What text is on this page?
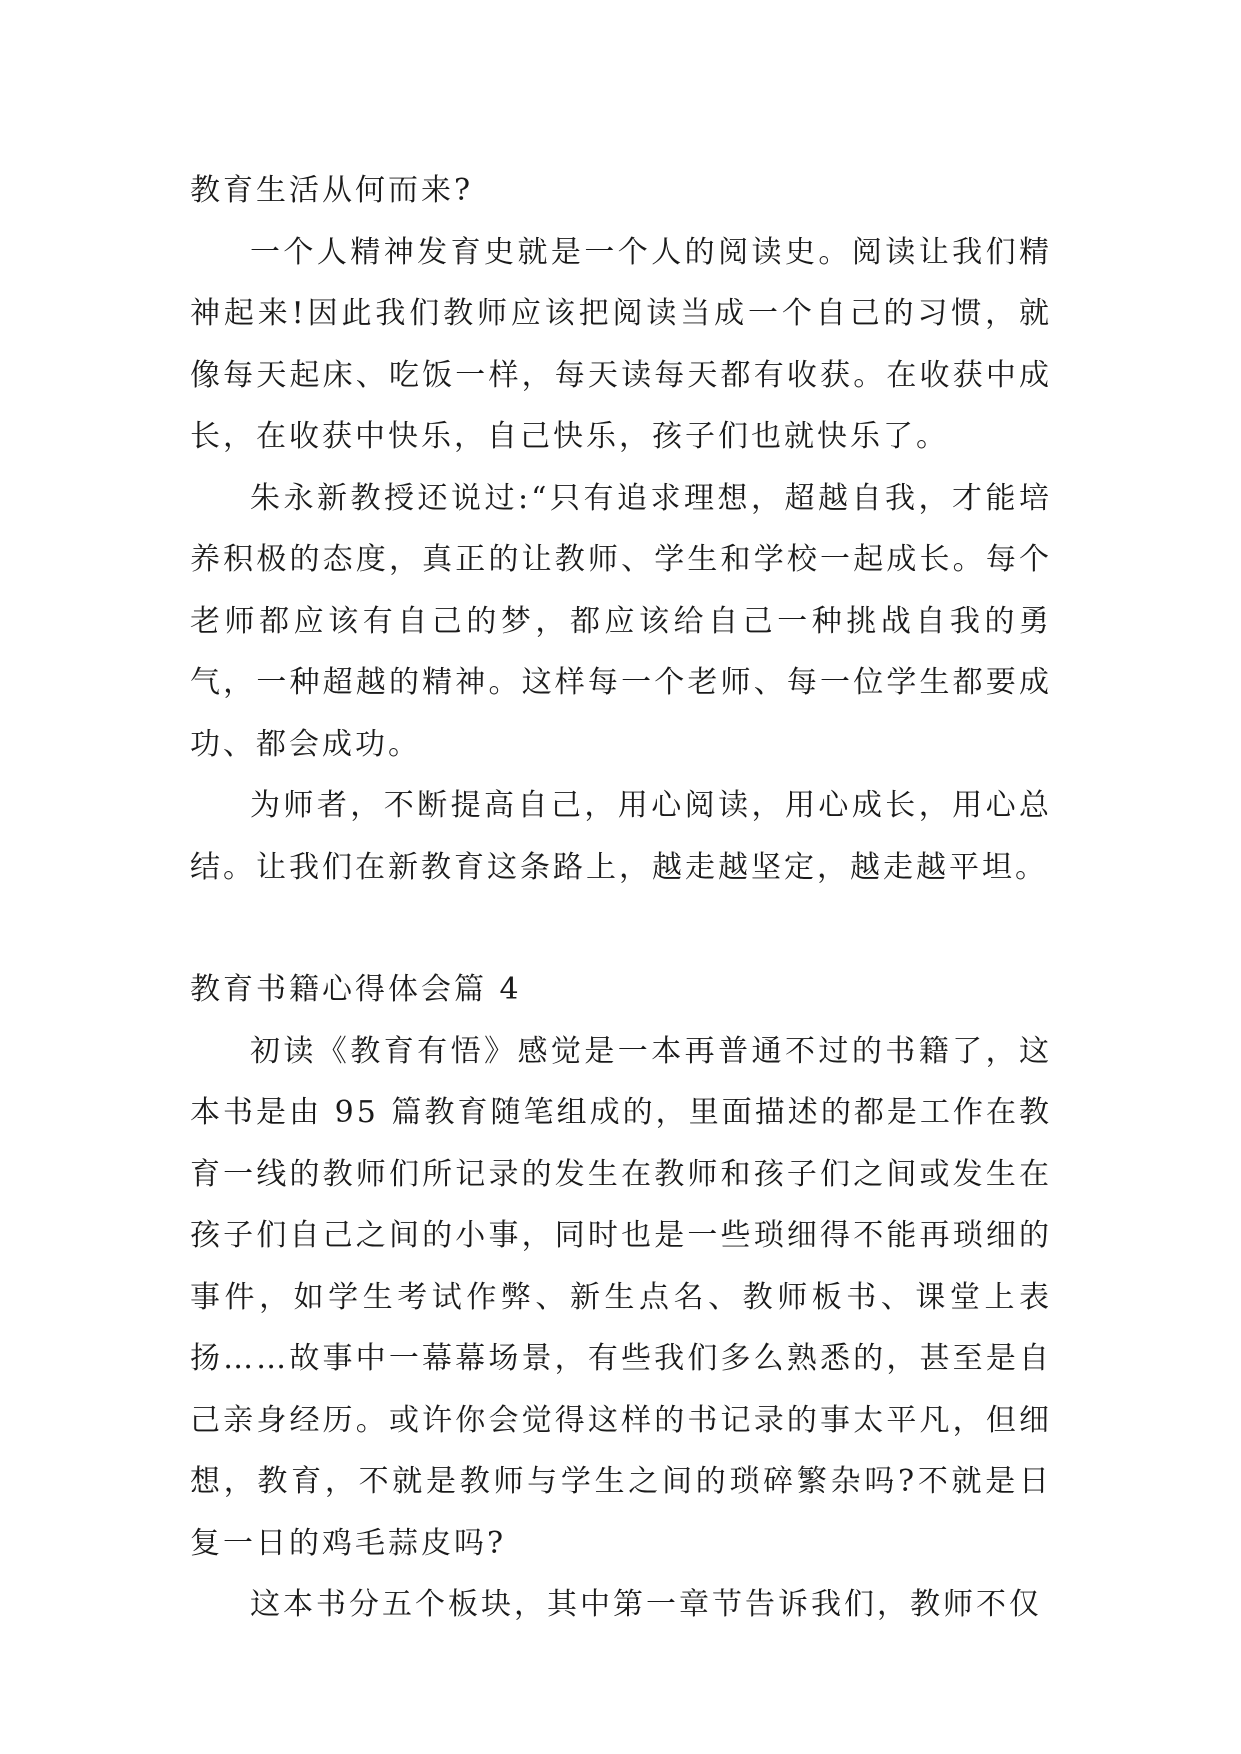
教育生活从何而来?

一个人精神发育史就是一个人的阅读史。阅读让我们精神起来!因此我们教师应该把阅读当成一个自己的习惯，就像每天起床、吃饭一样，每天读每天都有收获。在收获中成长，在收获中快乐，自己快乐，孩子们也就快乐了。

朱永新教授还说过:“只有追求理想，超越自我，才能培养积极的态度，真正的让教师、学生和学校一起成长。每个老师都应该有自己的梦，都应该给自己一种挑战自我的勇气，一种超越的精神。这样每一个老师、每一位学生都要成功、都会成功。

为师者，不断提高自己，用心阅读，用心成长，用心总结。让我们在新教育这条路上，越走越坚定，越走越平坦。

教育书籍心得体会篇 4

初读《教育有悟》感觉是一本再普通不过的书籍了，这本书是由 95 篇教育随笔组成的，里面描述的都是工作在教育一线的教师们所记录的发生在教师和孩子们之间或发生在孩子们自己之间的小事，同时也是一些琐细得不能再琐细的事件，如学生考试作弊、新生点名、教师板书、课堂上表扬……故事中一幕幕场景，有些我们多么熟悉的，甚至是自己亲身经历。或许你会觉得这样的书记录的事太平凡，但细想，教育，不就是教师与学生之间的琐碎繁杂吗?不就是日复一日的鸡毛蒜皮吗?

这本书分五个板块，其中第一章节告诉我们，教师不仅
